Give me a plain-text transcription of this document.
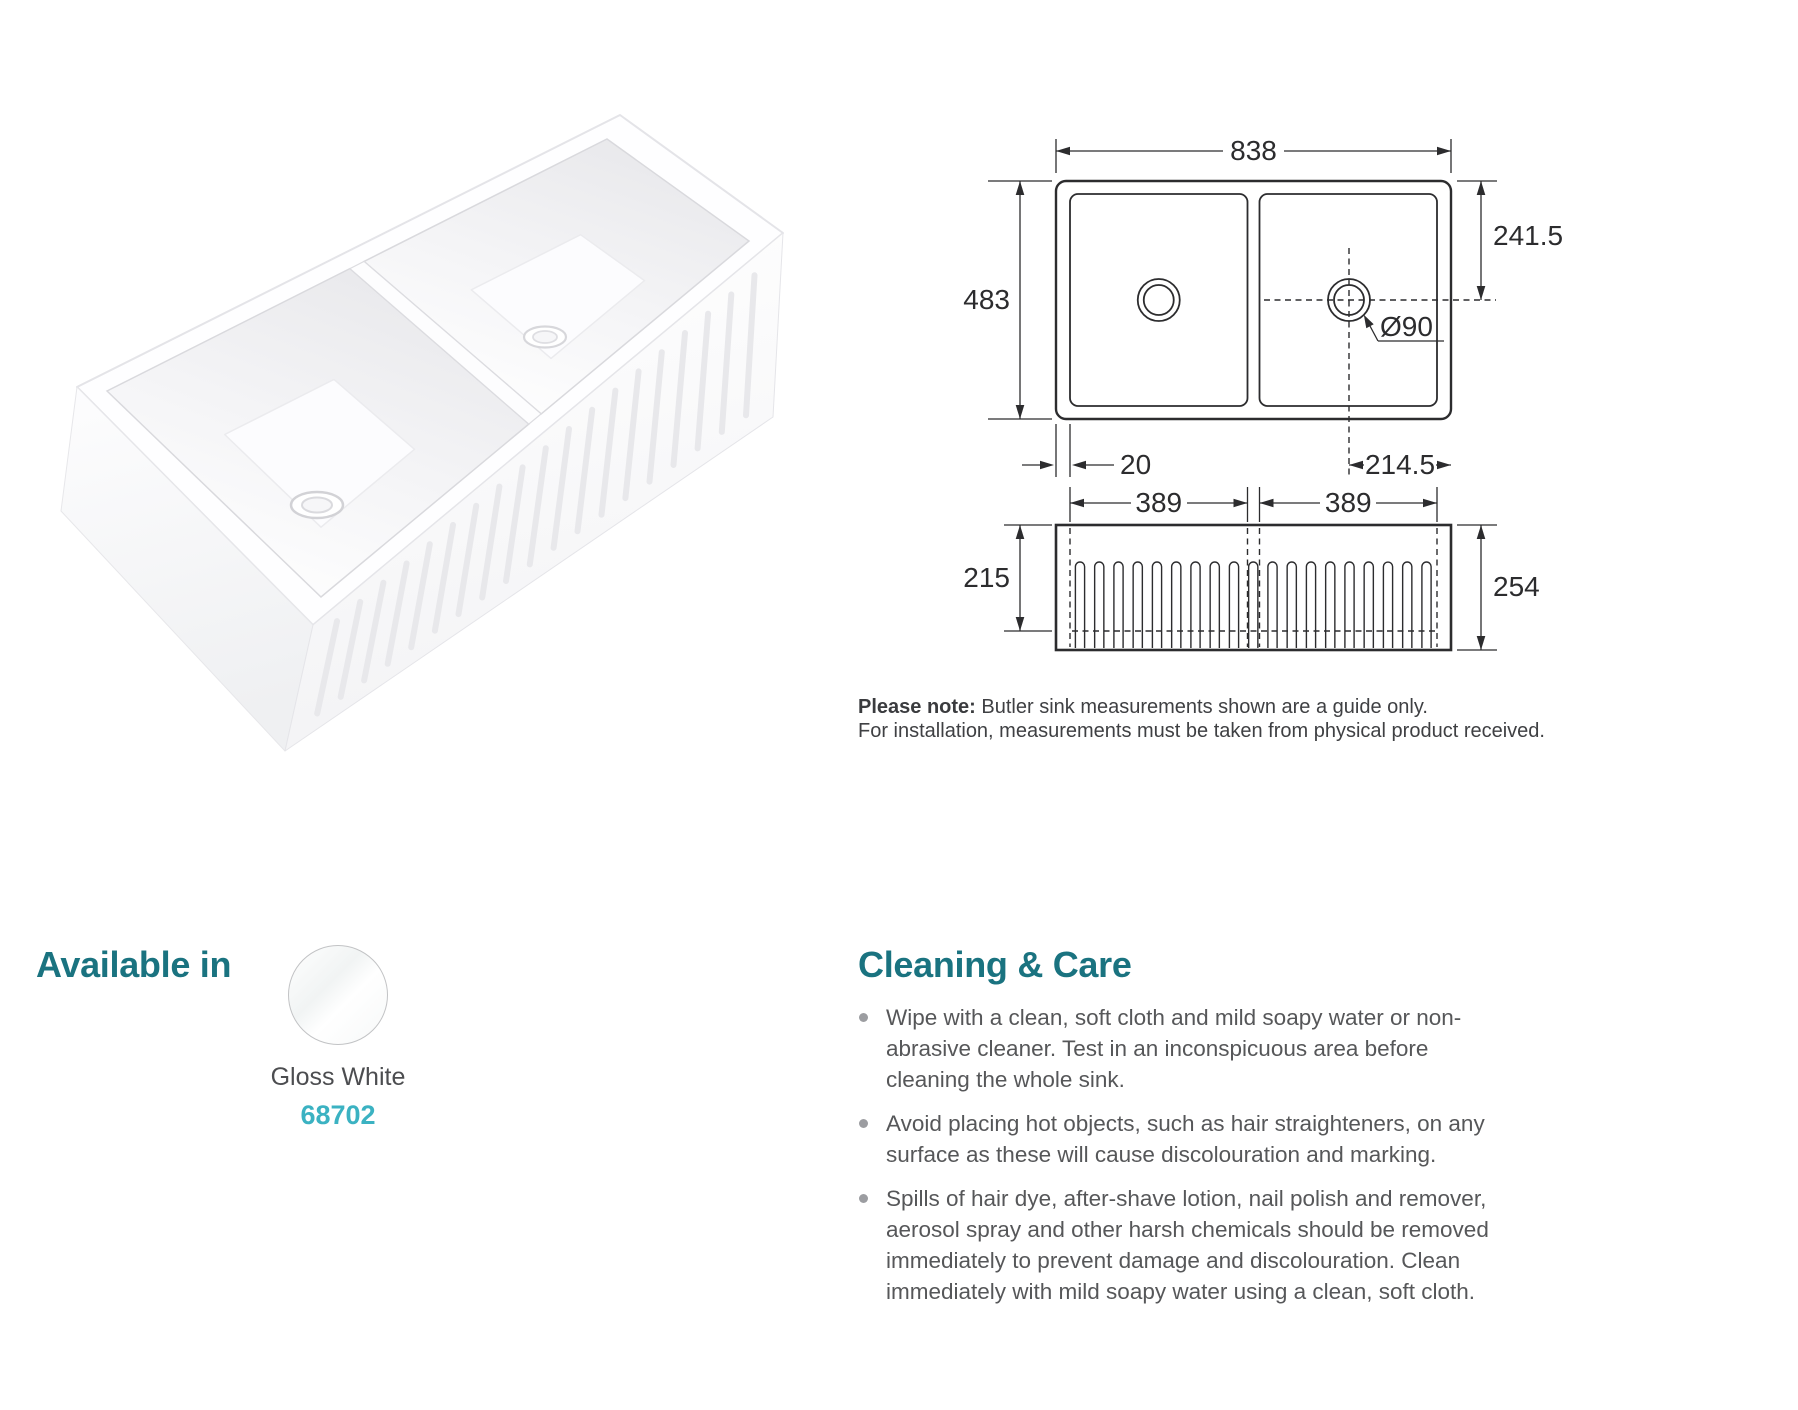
838
483
241.5
Ø90
20	214.5
389	389
215	254

Please note: Butler sink measurements shown are a guide only.

For installation, measurements must be taken from physical product received.

Available in
Gloss White
68702
Cleaning & Care
Wipe with a clean, soft cloth and mild soapy water or non-abrasive cleaner. Test in an inconspicuous area before cleaning the whole sink.
Avoid placing hot objects, such as hair straighteners, on any surface as these will cause discolouration and marking.
Spills of hair dye, after-shave lotion, nail polish and remover, aerosol spray and other harsh chemicals should be removed immediately to prevent damage and discolouration. Clean immediately with mild soapy water using a clean, soft cloth.
